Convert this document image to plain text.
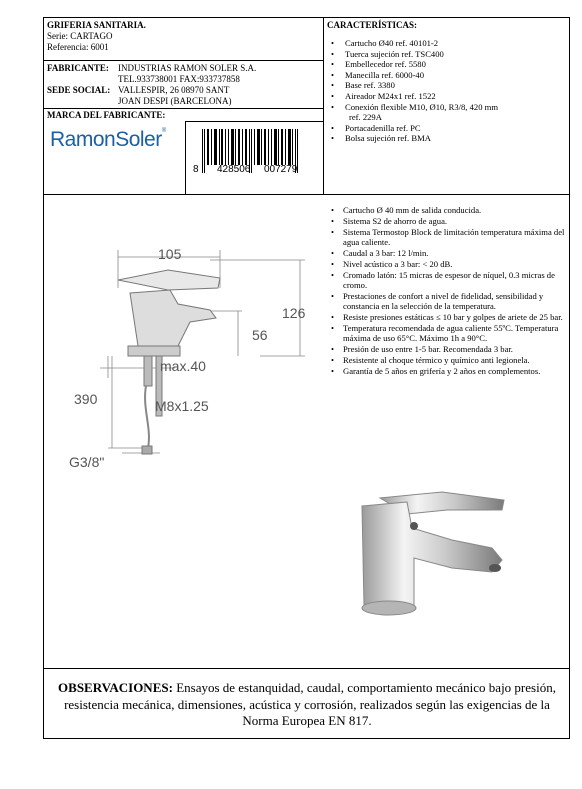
GRIFERIA SANITARIA.
Serie: CARTAGO
Referencia: 6001
FABRICANTE: INDUSTRIAS RAMON SOLER S.A.
TEL.933738001 FAX:933737858
SEDE SOCIAL: VALLESPIR, 26 08970 SANT
JOAN DESPI (BARCELONA)
MARCA DEL FABRICANTE:
RamonSoler®
8 428506 007279
CARACTERÍSTICAS:
• Cartucho Ø40 ref. 40101-2
• Tuerca sujeción ref. TSC400
• Embellecedor ref. 5580
• Manecilla ref. 6000-40
• Base ref. 3380
• Aireador M24x1 ref. 1522
• Conexión flexible M10, Ø10, R3/8, 420 mm
ref. 229A
• Portacadenilla ref. PC
• Bolsa sujeción ref. BMA
105
126
56
max.40
390	M8x1.25
G3/8"
• Cartucho Ø 40 mm de salida conducida.
• Sistema S2 de ahorro de agua.
• Sistema Termostop Block de limitación temperatura máxima del agua caliente.
• Caudal a 3 bar: 12 l/min.
• Nivel acústico a 3 bar: < 20 dB.
• Cromado latón: 15 micras de espesor de níquel, 0.3 micras de cromo.
• Prestaciones de confort a nivel de fidelidad, sensibilidad y constancia en la selección de la temperatura.
• Resiste presiones estáticas ≤ 10 bar y golpes de ariete de 25 bar.
• Temperatura recomendada de agua caliente 55ºC. Temperatura máxima de uso 65°C. Máximo 1h a 90°C.
• Presión de uso entre 1-5 bar. Recomendada 3 bar.
• Resistente al choque térmico y químico anti legionela.
• Garantía de 5 años en grifería y 2 años en complementos.
OBSERVACIONES: Ensayos de estanquidad, caudal, comportamiento mecánico bajo presión, resistencia mecánica, dimensiones, acústica y corrosión, realizados según las exigencias de la Norma Europea EN 817.
